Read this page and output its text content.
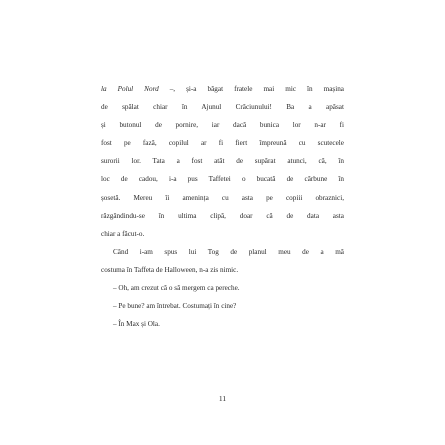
la Polul Nord –, și-a băgat fratele mai mic în mașina
de spălat chiar în Ajunul Crăciunului! Ba a apăsat
și butonul de pornire, iar dacă bunica lor n-ar fi
fost pe fază, copilul ar fi fiert împreună cu scutecele
surorii lor. Tata a fost atât de supărat atunci, că, în
loc de cadou, i-a pus Taffetei o bucată de cărbune în
șosetă. Mereu îi amenința cu asta pe copiii obraznici,
răzgândindu-se în ultima clipă, doar că de data asta
chiar a făcut-o.
Când i-am spus lui Tog de planul meu de a mă
costuma în Taffeta de Halloween, n-a zis nimic.
– Oh, am crezut că o să mergem ca pereche.
– Pe bune? am întrebat. Costumați în cine?
– În Max și Ola.
11
